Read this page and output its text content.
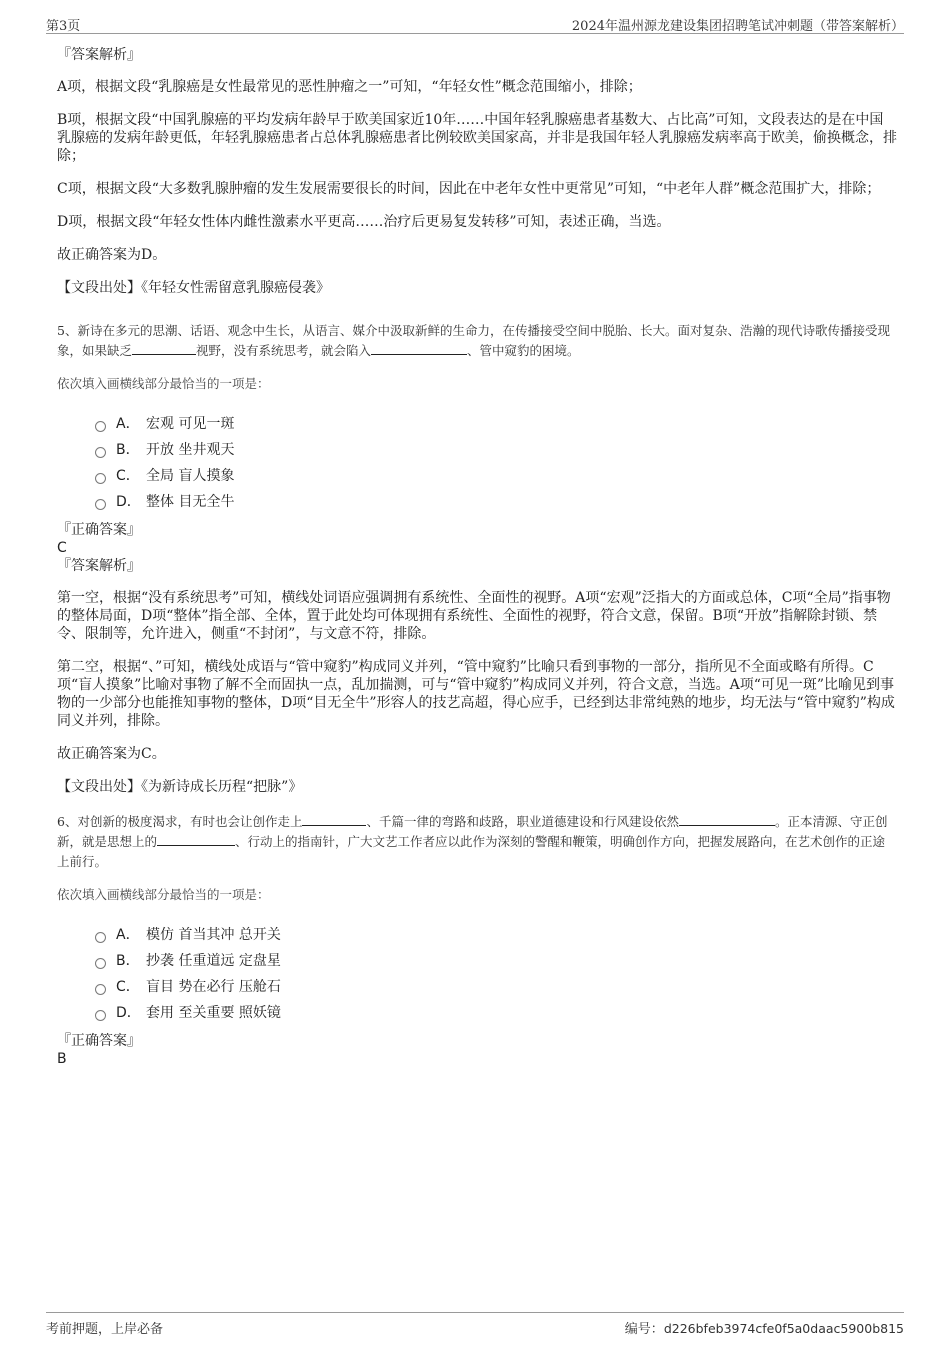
第3页	2024年温州源龙建设集团招聘笔试冲刺题（带答案解析）

『答案解析』

A项，根据文段“乳腺癌是女性最常见的恶性肿瘤之一”可知，“年轻女性”概念范围缩小，排除；

B项，根据文段“中国乳腺癌的平均发病年龄早于欧美国家近10年……中国年轻乳腺癌患者基数大、占比高”可知，文段表达的是在中国乳腺癌的发病年龄更低，年轻乳腺癌患者占总体乳腺癌患者比例较欧美国家高，并非是我国年轻人乳腺癌发病率高于欧美，偷换概念，排除；

C项，根据文段“大多数乳腺肿瘤的发生发展需要很长的时间，因此在中老年女性中更常见”可知，“中老年人群”概念范围扩大，排除；

D项，根据文段“年轻女性体内雌性激素水平更高……治疗后更易复发转移”可知，表述正确，当选。

故正确答案为D。

【文段出处】《年轻女性需留意乳腺癌侵袭》

5、新诗在多元的思潮、话语、观念中生长，从语言、媒介中汲取新鲜的生命力，在传播接受空间中脱胎、长大。面对复杂、浩瀚的现代诗歌传播接受现象，如果缺乏	视野，没有系统思考，就会陷入	、管中窥豹的困境。

依次填入画横线部分最恰当的一项是：

A． 宏观 可见一斑
B． 开放 坐井观天
C． 全局 盲人摸象
D． 整体 目无全牛

『正确答案』

C

『答案解析』

第一空，根据“没有系统思考”可知，横线处词语应强调拥有系统性、全面性的视野。A项“宏观”泛指大的方面或总体，C项“全局”指事物的整体局面，D项“整体”指全部、全体，置于此处均可体现拥有系统性、全面性的视野，符合文意，保留。B项“开放”指解除封锁、禁令、限制等，允许进入，侧重“不封闭”，与文意不符，排除。

第二空，根据“、”可知，横线处成语与“管中窥豹”构成同义并列，“管中窥豹”比喻只看到事物的一部分，指所见不全面或略有所得。C项“盲人摸象”比喻对事物了解不全而固执一点，乱加揣测，可与“管中窥豹”构成同义并列，符合文意，当选。A项“可见一斑”比喻见到事物的一少部分也能推知事物的整体，D项“目无全牛”形容人的技艺高超，得心应手，已经到达非常纯熟的地步，均无法与“管中窥豹”构成同义并列，排除。

故正确答案为C。

【文段出处】《为新诗成长历程“把脉”》

6、对创新的极度渴求，有时也会让创作走上	、千篇一律的弯路和歧路，职业道德建设和行风建设依然	。正本清源、守正创新，就是思想上的	、行动上的指南针，广大文艺工作者应以此作为深刻的警醒和鞭策，明确创作方向，把握发展路向，在艺术创作的正途上前行。

依次填入画横线部分最恰当的一项是：

A． 模仿 首当其冲 总开关
B． 抄袭 任重道远 定盘星
C． 盲目 势在必行 压舱石
D． 套用 至关重要 照妖镜

『正确答案』

B

考前押题，上岸必备	编号：d226bfeb3974cfe0f5a0daac5900b815
